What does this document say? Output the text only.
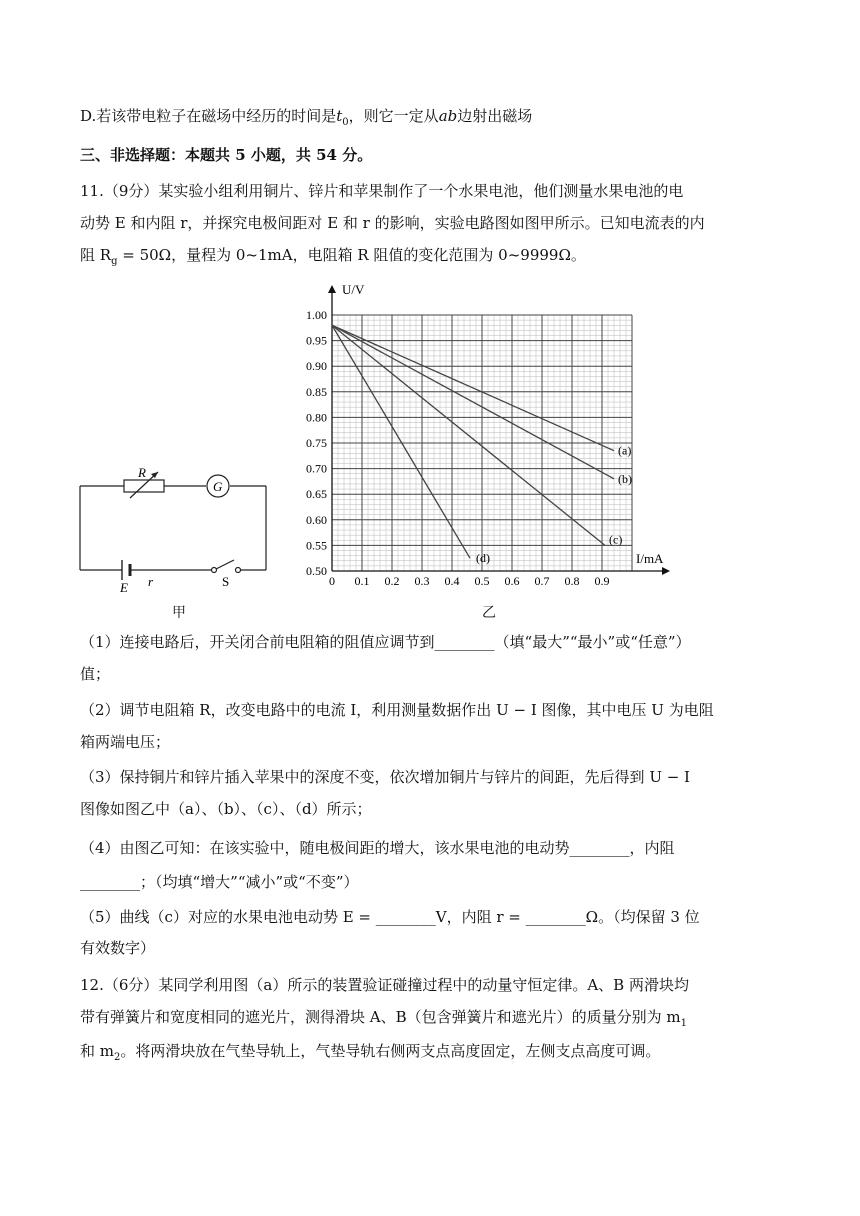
D.若该带电粒子在磁场中经历的时间是$t_0$，则它一定从ab边射出磁场
三、非选择题：本题共 5 小题，共 54 分。
11.（9分）某实验小组利用铜片、锌片和苹果制作了一个水果电池，他们测量水果电池的电
动势 E 和内阻 r，并探究电极间距对 E 和 r 的影响，实验电路图如图甲所示。已知电流表的内
阻 $R_g = 50\Omega$，量程为 0~1mA，电阻箱 R 阻值的变化范围为 0~9999Ω。
R
G
E r	S
甲
0.50
0.55
0.60
0.65
0.70
0.75
0.80
0.85
0.90
0.95
1.00
0 0.1 0.2 0.3 0.4 0.5 0.6 0.7 0.8 0.9
(a)
(b)
(c)
(d)
U/V
I/mA
乙
（1）连接电路后，开关闭合前电阻箱的阻值应调节到________（填“最大”“最小”或“任意”）
值；
（2）调节电阻箱 R，改变电路中的电流 I，利用测量数据作出 U − I 图像，其中电压 U 为电阻
箱两端电压；
（3）保持铜片和锌片插入苹果中的深度不变，依次增加铜片与锌片的间距，先后得到 U − I
图像如图乙中（a）、（b）、（c）、（d）所示；
（4）由图乙可知：在该实验中，随电极间距的增大，该水果电池的电动势________，内阻
________；（均填“增大”“减小”或“不变”）
（5）曲线（c）对应的水果电池电动势 E = ________V，内阻 r = ________Ω。（均保留 3 位
有效数字）
12.（6分）某同学利用图（a）所示的装置验证碰撞过程中的动量守恒定律。A、B 两滑块均
带有弹簧片和宽度相同的遮光片，测得滑块 A、B（包含弹簧片和遮光片）的质量分别为 $m_1$
和 $m_2$。将两滑块放在气垫导轨上，气垫导轨右侧两支点高度固定，左侧支点高度可调。
